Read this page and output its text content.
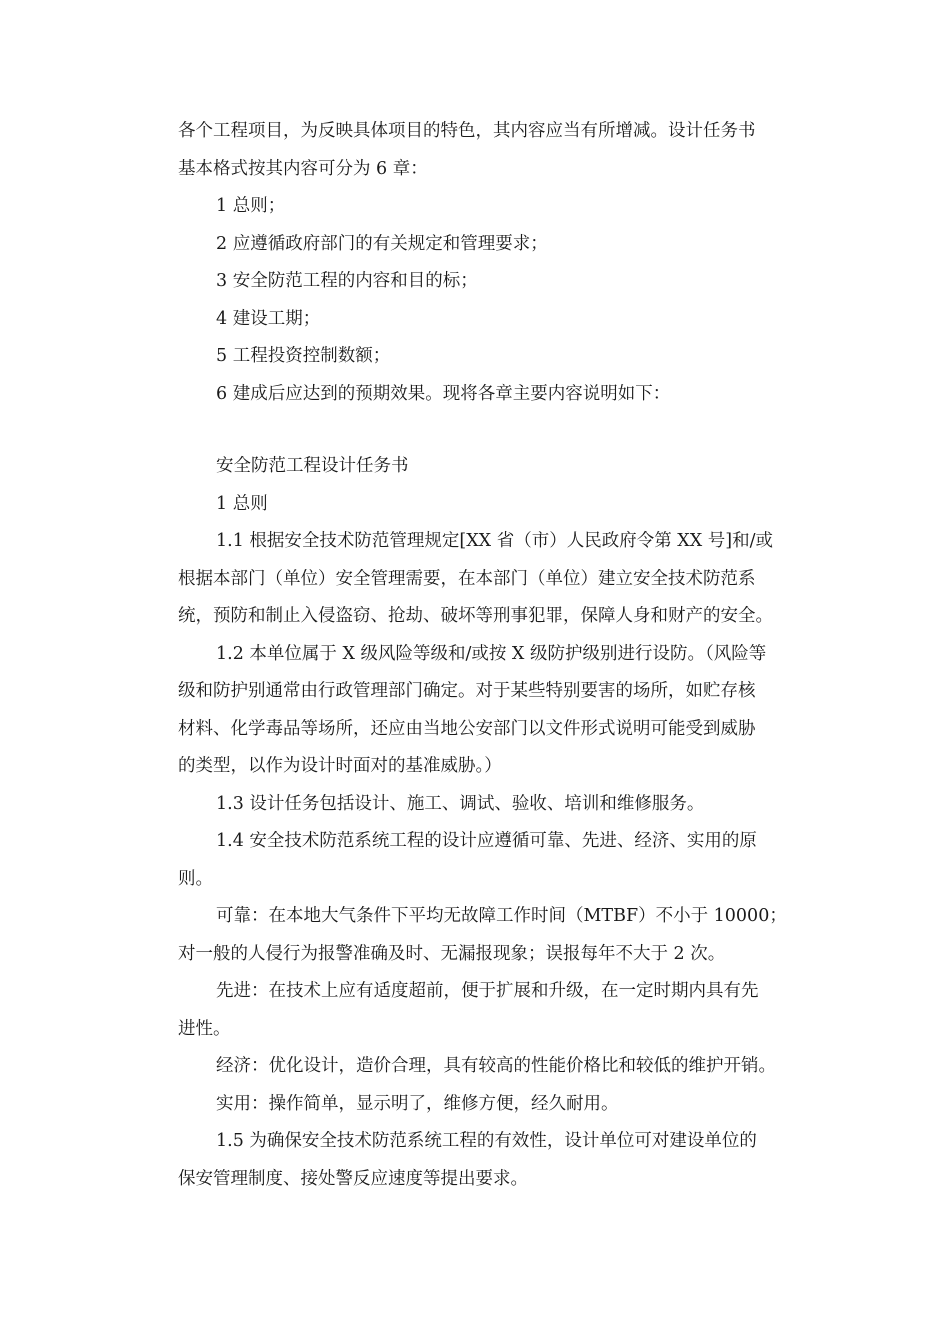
各个工程项目，为反映具体项目的特色，其内容应当有所增减。设计任务书

基本格式按其内容可分为 6 章：

1 总则；

2 应遵循政府部门的有关规定和管理要求；

3 安全防范工程的内容和目的标；

4 建设工期；

5 工程投资控制数额；

6 建成后应达到的预期效果。现将各章主要内容说明如下：

安全防范工程设计任务书

1 总则

1.1 根据安全技术防范管理规定[XX 省（市）人民政府令第 XX 号]和/或

根据本部门（单位）安全管理需要，在本部门（单位）建立安全技术防范系

统，预防和制止入侵盗窃、抢劫、破坏等刑事犯罪，保障人身和财产的安全。

1.2 本单位属于 X 级风险等级和/或按 X 级防护级别进行设防。（风险等

级和防护别通常由行政管理部门确定。对于某些特别要害的场所，如贮存核

材料、化学毒品等场所，还应由当地公安部门以文件形式说明可能受到威胁

的类型，以作为设计时面对的基准威胁。）

1.3 设计任务包括设计、施工、调试、验收、培训和维修服务。

1.4 安全技术防范系统工程的设计应遵循可靠、先进、经济、实用的原

则。

可靠：在本地大气条件下平均无故障工作时间（MTBF）不小于 10000；

对一般的人侵行为报警准确及时、无漏报现象；误报每年不大于 2 次。

先进：在技术上应有适度超前，便于扩展和升级，在一定时期内具有先

进性。

经济：优化设计，造价合理，具有较高的性能价格比和较低的维护开销。

实用：操作简单，显示明了，维修方便，经久耐用。

1.5 为确保安全技术防范系统工程的有效性，设计单位可对建设单位的

保安管理制度、接处警反应速度等提出要求。
